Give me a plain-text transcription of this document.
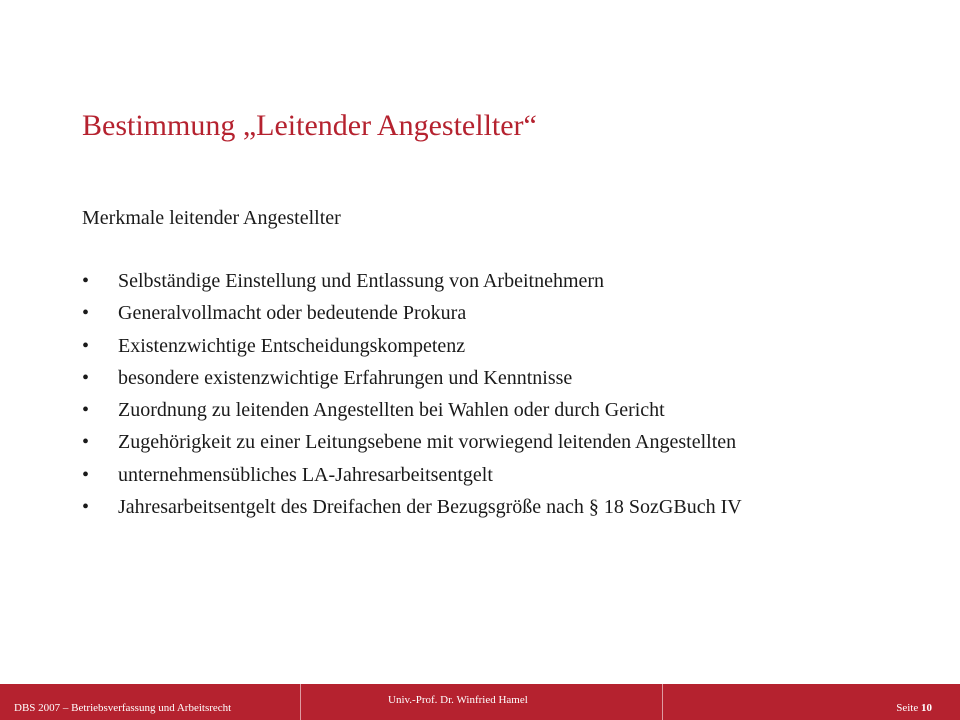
Bestimmung „Leitender Angestellter“
Merkmale leitender Angestellter
•	Selbständige Einstellung und Entlassung von Arbeitnehmern
•	Generalvollmacht oder bedeutende Prokura
•	Existenzwichtige Entscheidungskompetenz
•	besondere existenzwichtige Erfahrungen und Kenntnisse
•	Zuordnung zu leitenden Angestellten bei Wahlen oder durch Gericht
•	Zugehörigkeit zu einer Leitungsebene mit vorwiegend leitenden Angestellten
•	unternehmensübliches LA-Jahresarbeitsentgelt
•	Jahresarbeitsentgelt des Dreifachen der Bezugsgröße nach § 18 SozGBuch IV
DBS 2007 – Betriebsverfassung und Arbeitsrecht
Univ.-Prof. Dr. Winfried Hamel
Seite 10
